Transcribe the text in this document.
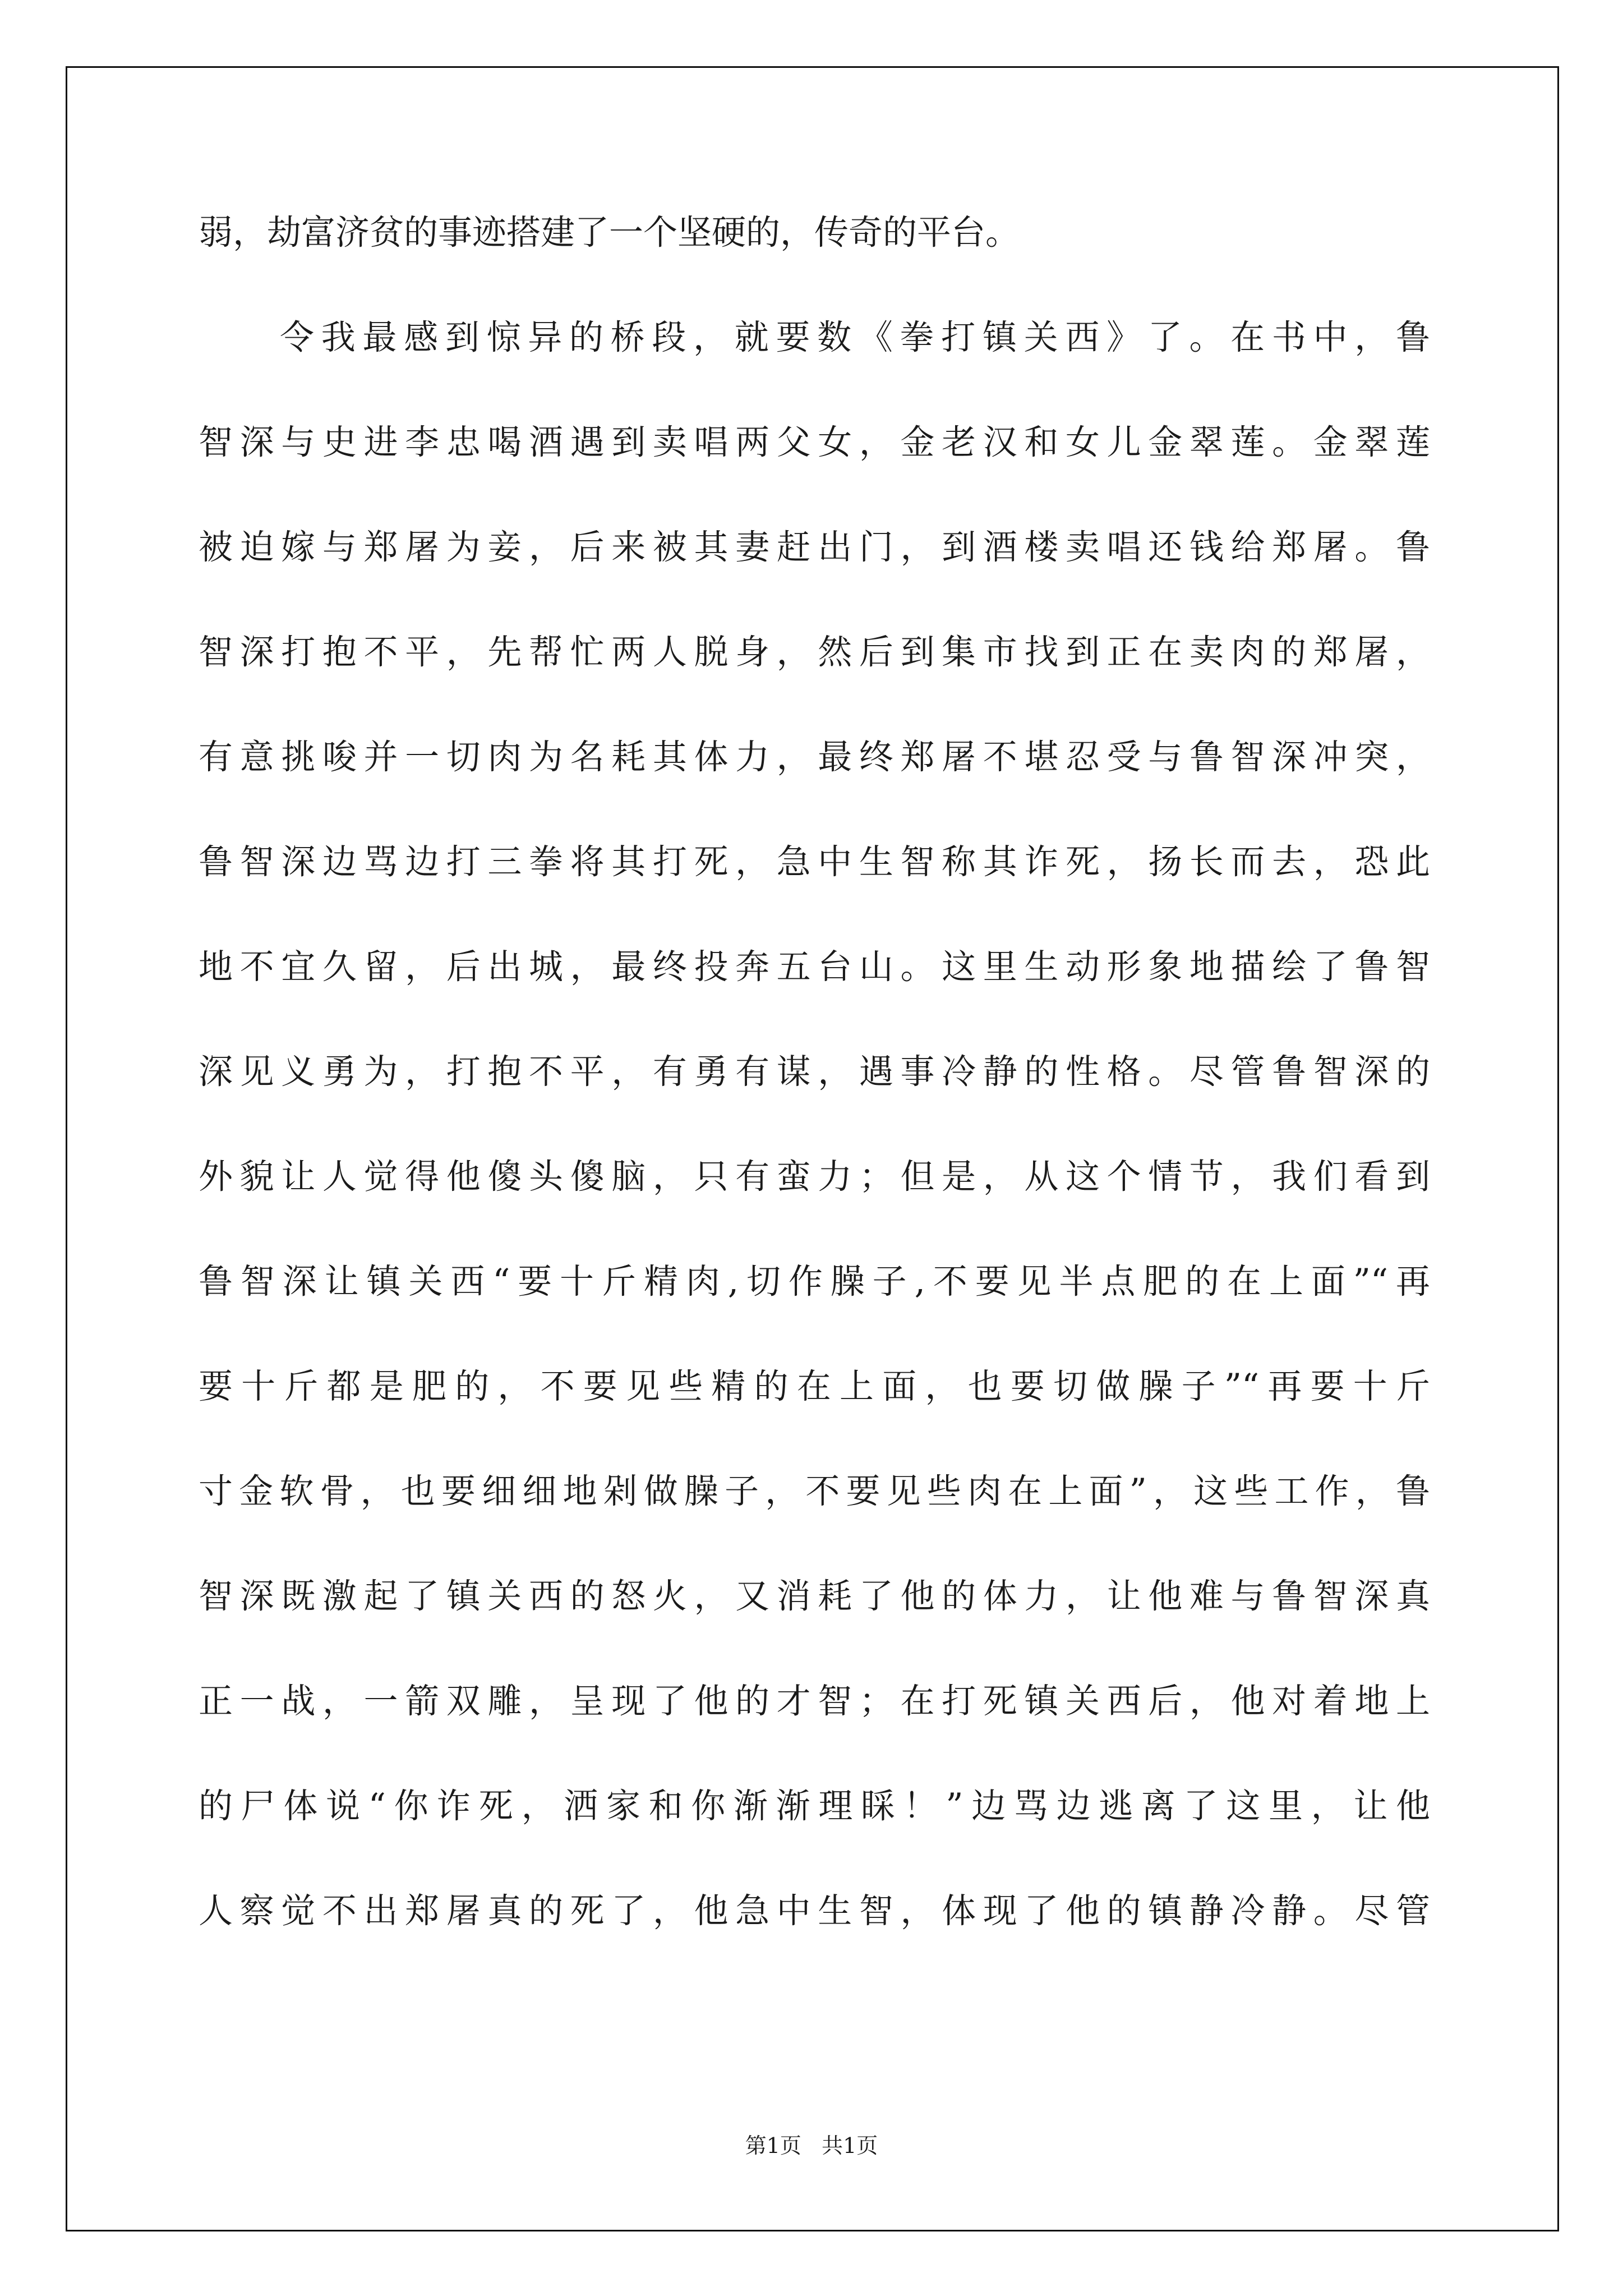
弱，劫富济贫的事迹搭建了一个坚硬的，传奇的平台。
令我最感到惊异的桥段，就要数《拳打镇关西》了。在书中，鲁
智深与史进李忠喝酒遇到卖唱两父女，金老汉和女儿金翠莲。金翠莲
被迫嫁与郑屠为妾，后来被其妻赶出门，到酒楼卖唱还钱给郑屠。鲁
智深打抱不平，先帮忙两人脱身，然后到集市找到正在卖肉的郑屠，
有意挑唆并一切肉为名耗其体力，最终郑屠不堪忍受与鲁智深冲突，
鲁智深边骂边打三拳将其打死，急中生智称其诈死，扬长而去，恐此
地不宜久留，后出城，最终投奔五台山。这里生动形象地描绘了鲁智
深见义勇为，打抱不平，有勇有谋，遇事冷静的性格。尽管鲁智深的
外貌让人觉得他傻头傻脑，只有蛮力；但是，从这个情节，我们看到
鲁智深让镇关西“要十斤精肉,切作臊子,不要见半点肥的在上面”“再
要十斤都是肥的，不要见些精的在上面，也要切做臊子”“再要十斤
寸金软骨，也要细细地剁做臊子，不要见些肉在上面”，这些工作，鲁
智深既激起了镇关西的怒火，又消耗了他的体力，让他难与鲁智深真
正一战，一箭双雕，呈现了他的才智；在打死镇关西后，他对着地上
的尸体说“你诈死，洒家和你渐渐理睬！”边骂边逃离了这里，让他
人察觉不出郑屠真的死了，他急中生智，体现了他的镇静冷静。尽管
第1页   共1页
